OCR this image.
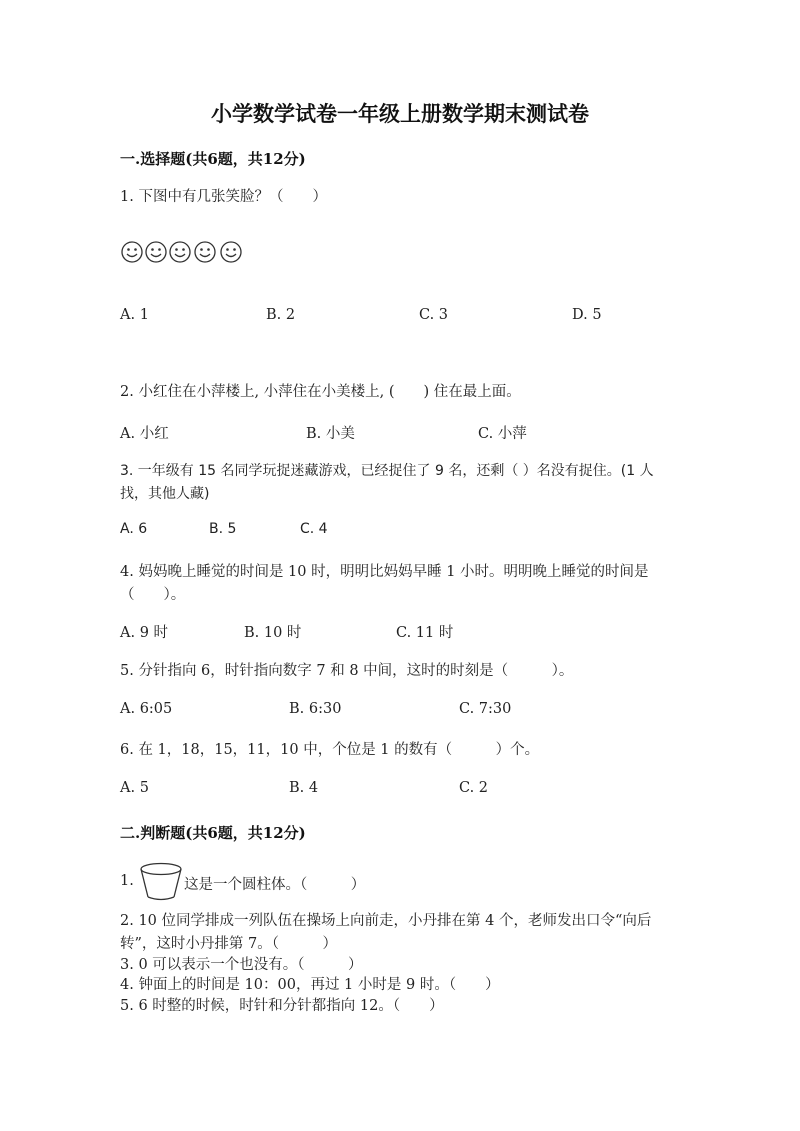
小学数学试卷一年级上册数学期末测试卷
一.选择题(共6题，共12分)
1. 下图中有几张笑脸？（　　）
A. 1	B. 2	C. 3	D. 5
2. 小红住在小萍楼上, 小萍住在小美楼上, (　　) 住在最上面。
A. 小红	B. 小美	C. 小萍
3. 一年级有 15 名同学玩捉迷藏游戏，已经捉住了 9 名，还剩（ ）名没有捉住。(1 人找，其他人藏)
A. 6	B. 5	C. 4
4. 妈妈晚上睡觉的时间是 10 时，明明比妈妈早睡 1 小时。明明晚上睡觉的时间是（　　）。
A. 9 时	B. 10 时	C. 11 时
5. 分针指向 6，时针指向数字 7 和 8 中间，这时的时刻是（　　　）。
A. 6:05	B. 6:30	C. 7:30
6. 在 1，18，15，11，10 中，个位是 1 的数有（　　　）个。
A. 5	B. 4	C. 2
二.判断题(共6题，共12分)
1.	这是一个圆柱体。（　　　）
2. 10 位同学排成一列队伍在操场上向前走，小丹排在第 4 个，老师发出口令“向后转”，这时小丹排第 7。（　　　）
3. 0 可以表示一个也没有。（　　　）
4. 钟面上的时间是 10：00，再过 1 小时是 9 时。（　　）
5. 6 时整的时候，时针和分针都指向 12。（　　）
